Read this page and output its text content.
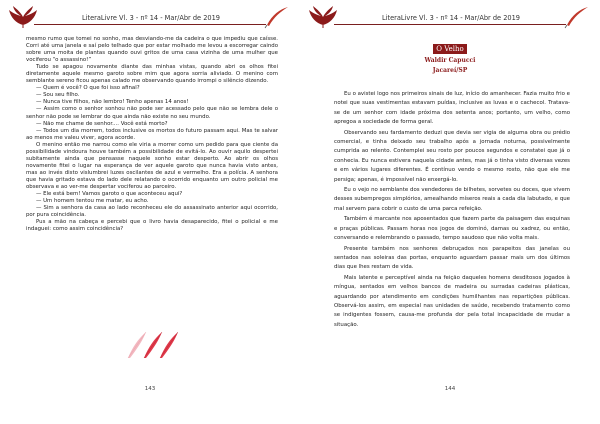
LiteraLivre Vl. 3 - nº 14 - Mar/Abr de 2019

mesmo rumo que tomei no sonho, mas desviando-me da cadeira o que impediu que caísse. Corri até uma janela e saí pelo telhado que por estar molhado me levou a escorregar caindo sobre uma moita de plantas quando ouvi gritos de uma casa vizinha de uma mulher que vociferou “o assassino!”

Tudo se apagou novamente diante das minhas vistas, quando abri os olhos fitei diretamente aquele mesmo garoto sobre mim que agora sorria aliviado. O menino com semblante sereno ficou apenas calado me observando quando irrompi o silêncio dizendo.

— Quem é você? O que foi isso afinal?

— Sou seu filho.

— Nunca tive filhos, não lembro! Tenho apenas 14 anos!

— Assim como o senhor sonhou não pode ser acessado pelo que não se lembra dele o senhor não pode se lembrar do que ainda não existe no seu mundo.

— Não me chame de senhor.... Você está morto?

— Todos um dia morrem, todos inclusive os mortos do futuro passam aqui. Mas te salvar ao menos me valeu viver, agora acorde.

O menino então me narrou como ele viria a morrer como um pedido para que ciente da possibilidade vindoura houve também a possibilidade de evitá-lo. Ao ouvir aquilo despertei subitamente ainda que pensasse naquele sonho estar desperto. Ao abrir os olhos novamente fitei o lugar na esperança de ver aquele garoto que nunca havia visto antes, mas ao invés disto vislumbrei luzes oscilantes de azul e vermelho. Era a polícia. A senhora que havia gritado estava do lado dele relatando o ocorrido enquanto um outro policial me observava e ao ver-me despertar vociferou ao parceiro.

— Ele está bem! Vamos garoto o que aconteceu aqui?

— Um homem tentou me matar, eu acho.

— Sim a senhora da casa ao lado reconheceu ele do assassinato anterior aqui ocorrido, por pura coincidência.

Pus a mão na cabeça e percebi que o livro havia desaparecido, fitei o policial e me indaguei: como assim coincidência?

143
LiteraLivre Vl. 3 - nº 14 - Mar/Abr de 2019
O Velho
Waldir Capucci
Jacareí/SP

Eu o avistei logo nos primeiros sinais de luz, início do amanhecer. Fazia muito frio e notei que suas vestimentas estavam puídas, inclusive as luvas e o cachecol. Tratava-se de um senhor com idade próxima dos setenta anos; portanto, um velho, como apregoa a sociedade de forma geral.

Observando seu fardamento deduzi que devia ser vigia de alguma obra ou prédio comercial, e tinha deixado seu trabalho após a jornada noturna, possivelmente cumprida ao relento. Contemplei seu rosto por poucos segundos e constatei que já o conhecia. Eu nunca estivera naquela cidade antes, mas já o tinha visto diversas vezes e em vários lugares diferentes. É contínuo vendo o mesmo rosto, não que ele me persiga; apenas, é impossível não enxergá-lo.

Eu o vejo no semblante dos vendedores de bilhetes, sorvetes ou doces, que vivem desses subempregos simplórios, amealhando míseros reais a cada dia labutado, e que mal servem para cobrir o custo de uma parca refeição.

Também é marcante nos aposentados que fazem parte da paisagem das esquinas e praças públicas. Passam horas nos jogos de dominó, damas ou xadrez, ou então, conversando e relembrando o passado, tempo saudoso que não volta mais.

Presente também nos senhores debruçados nos parapeitos das janelas ou sentados nas soleiras das portas, enquanto aguardam passar mais um dos últimos dias que lhes restam de vida.

Mais latente e perceptível ainda na feição daqueles homens desditosos jogados à míngua, sentados em velhos bancos de madeira ou surradas cadeiras plásticas, aguardando por atendimento em condições humilhantes nas repartições públicas. Observá-los assim, em especial nas unidades de saúde, recebendo tratamento como se indigentes fossem, causa-me profunda dor pela total incapacidade de mudar a situação.

144
